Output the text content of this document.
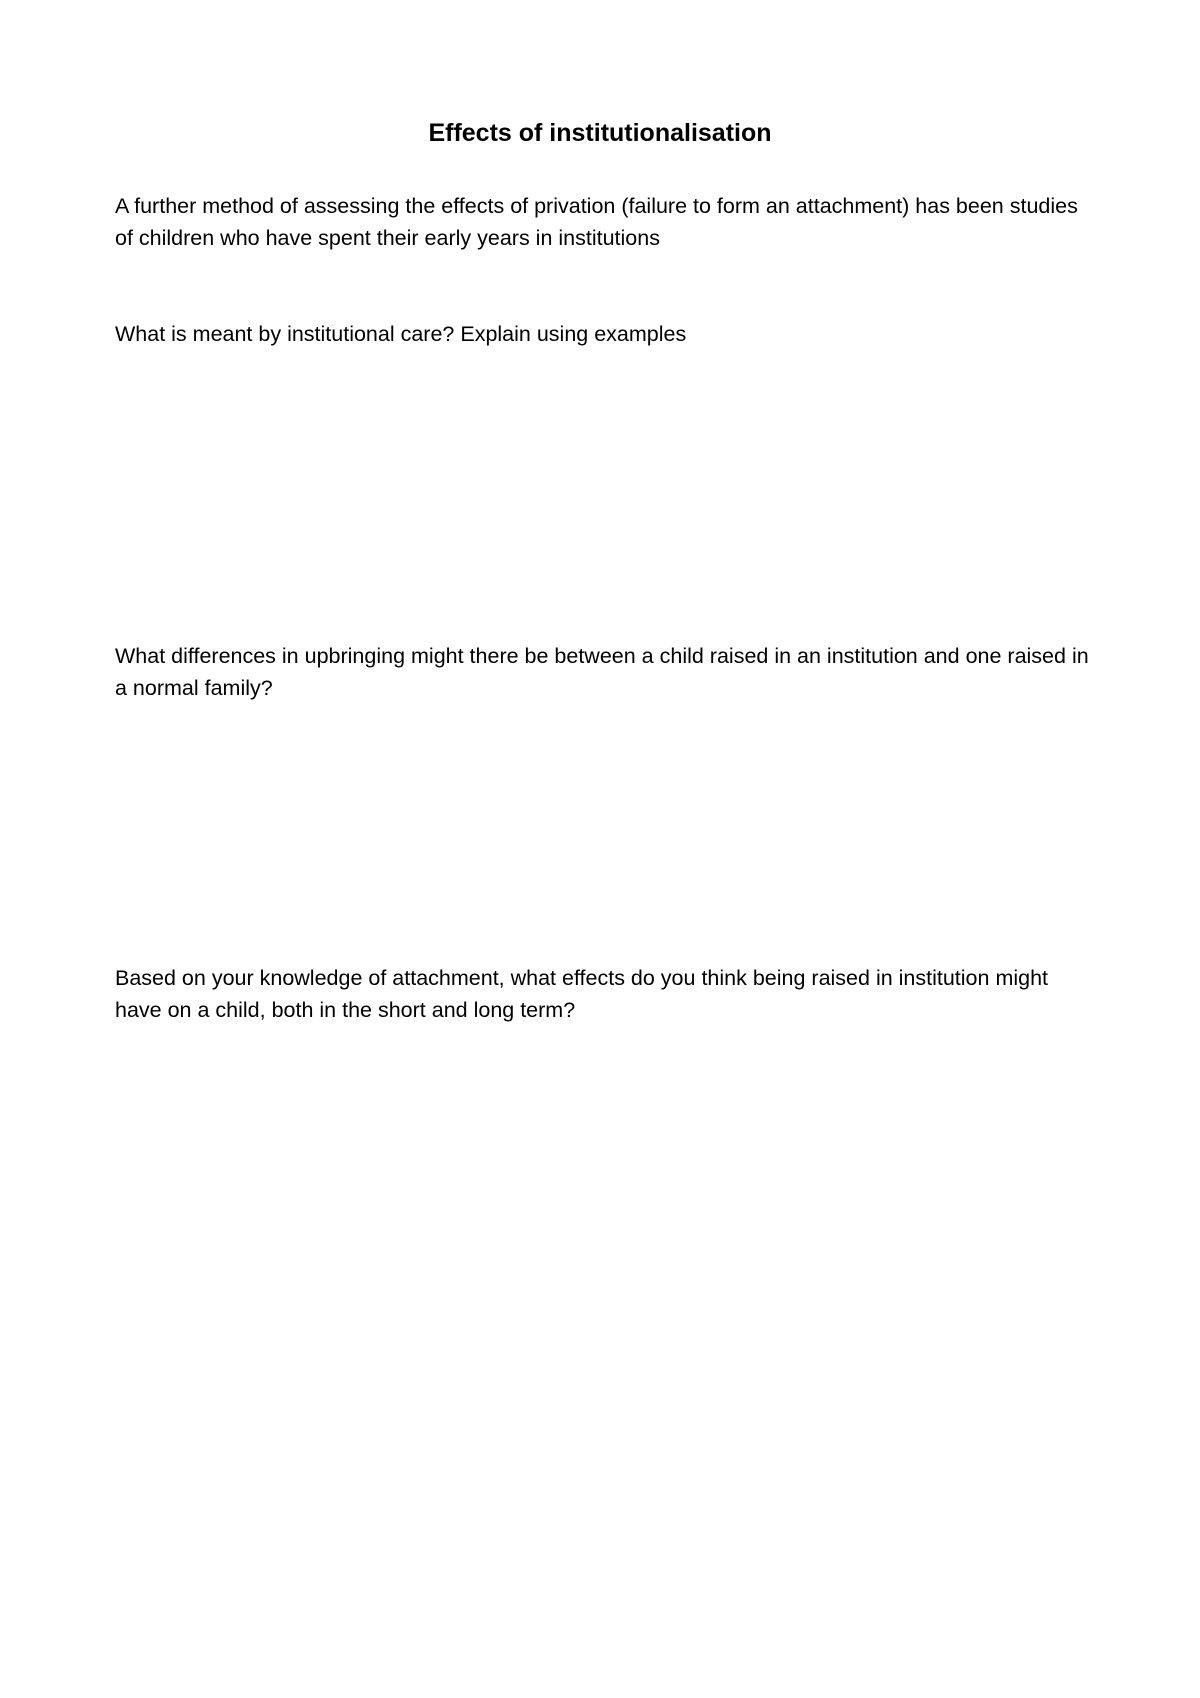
Effects of institutionalisation

A further method of assessing the effects of privation (failure to form an attachment) has been studies of children who have spent their early years in institutions

What is meant by institutional care? Explain using examples

What differences in upbringing might there be between a child raised in an institution and one raised in a normal family?

Based on your knowledge of attachment, what effects do you think being raised in institution might have on a child, both in the short and long term?
